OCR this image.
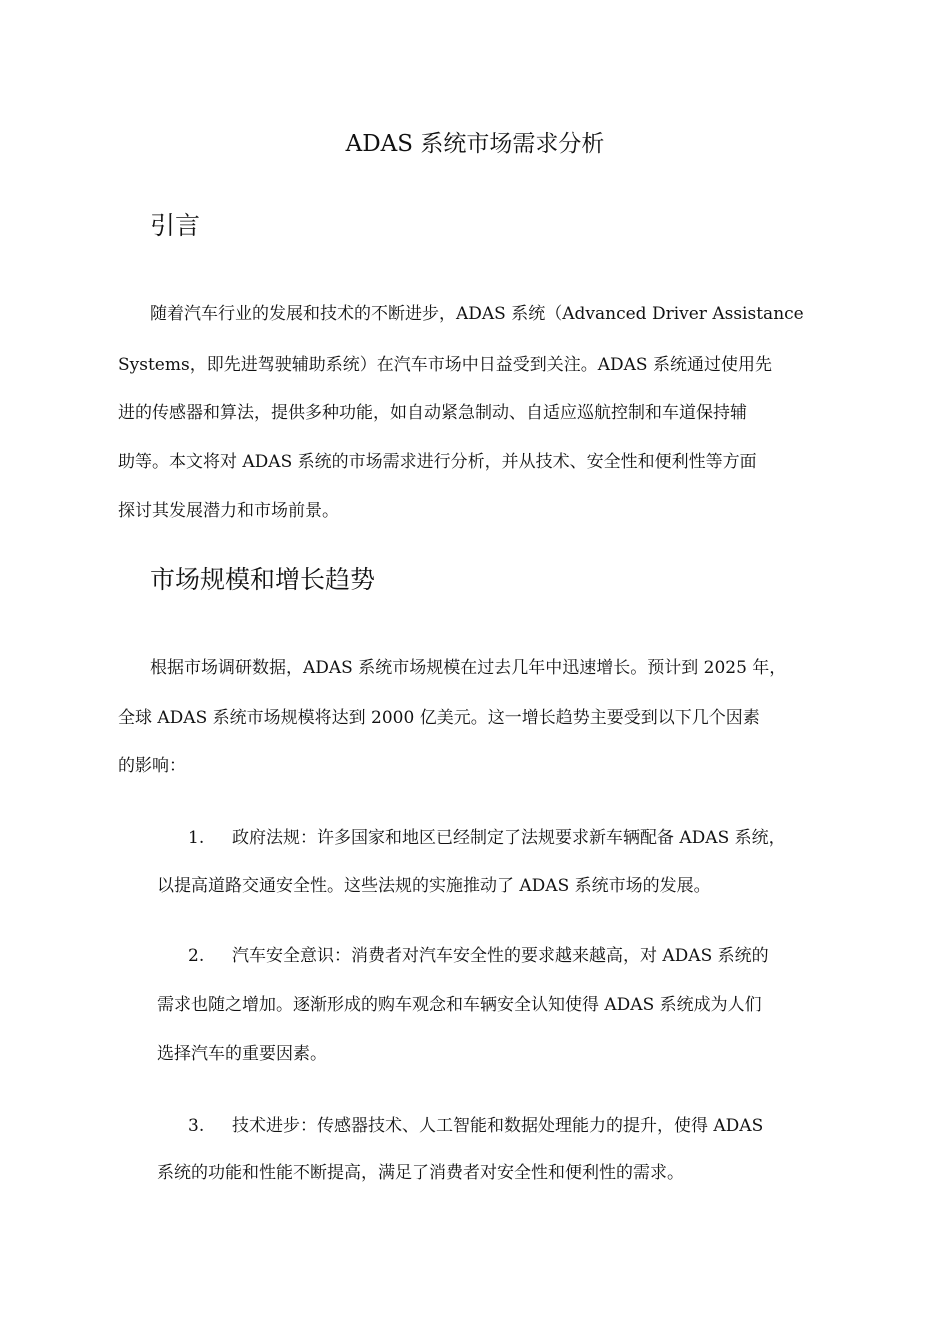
ADAS 系统市场需求分析
引言

随着汽车行业的发展和技术的不断进步，ADAS 系统（Advanced Driver Assistance

Systems，即先进驾驶辅助系统）在汽车市场中日益受到关注。ADAS 系统通过使用先

进的传感器和算法，提供多种功能，如自动紧急制动、自适应巡航控制和车道保持辅

助等。本文将对 ADAS 系统的市场需求进行分析，并从技术、安全性和便利性等方面

探讨其发展潜力和市场前景。

市场规模和增长趋势

根据市场调研数据，ADAS 系统市场规模在过去几年中迅速增长。预计到 2025 年，

全球 ADAS 系统市场规模将达到 2000 亿美元。这一增长趋势主要受到以下几个因素

的影响：

1. 政府法规：许多国家和地区已经制定了法规要求新车辆配备 ADAS 系统，

以提高道路交通安全性。这些法规的实施推动了 ADAS 系统市场的发展。

2. 汽车安全意识：消费者对汽车安全性的要求越来越高，对 ADAS 系统的

需求也随之增加。逐渐形成的购车观念和车辆安全认知使得 ADAS 系统成为人们

选择汽车的重要因素。

3. 技术进步：传感器技术、人工智能和数据处理能力的提升，使得 ADAS

系统的功能和性能不断提高，满足了消费者对安全性和便利性的需求。
